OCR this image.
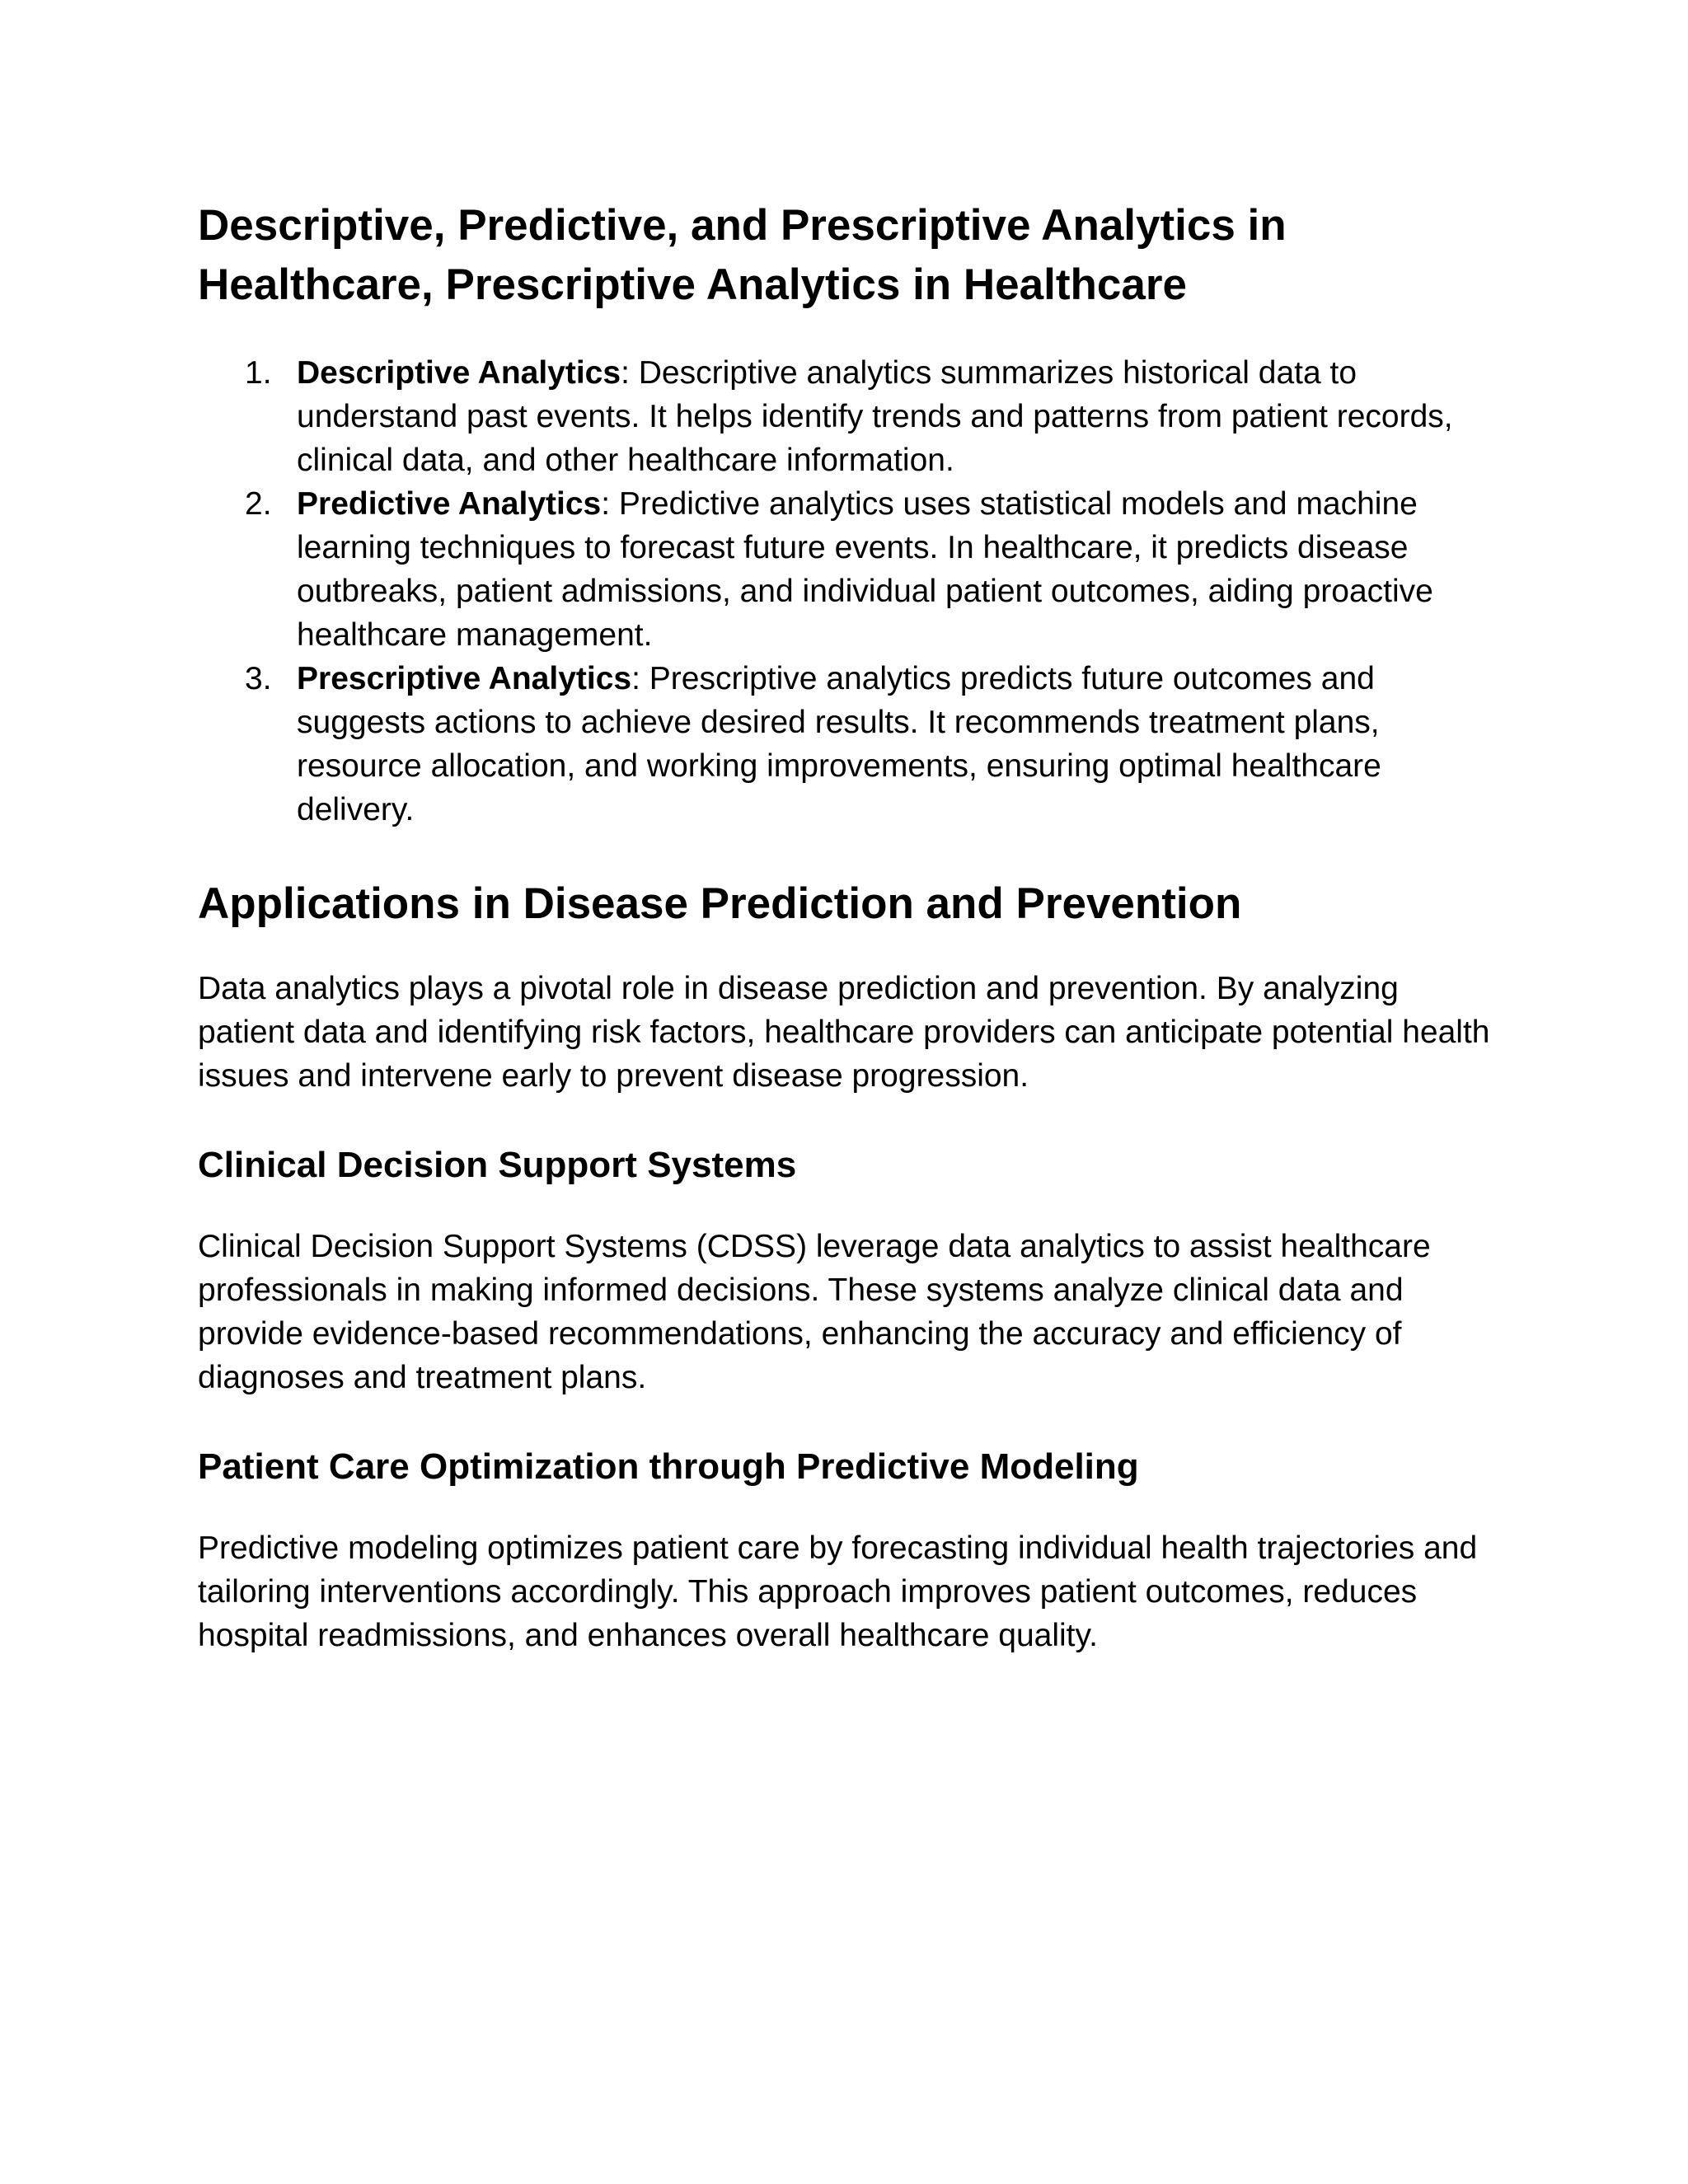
Descriptive, Predictive, and Prescriptive Analytics in Healthcare, Prescriptive Analytics in Healthcare
1. Descriptive Analytics: Descriptive analytics summarizes historical data to understand past events. It helps identify trends and patterns from patient records, clinical data, and other healthcare information.
2. Predictive Analytics: Predictive analytics uses statistical models and machine learning techniques to forecast future events. In healthcare, it predicts disease outbreaks, patient admissions, and individual patient outcomes, aiding proactive healthcare management.
3. Prescriptive Analytics: Prescriptive analytics predicts future outcomes and suggests actions to achieve desired results. It recommends treatment plans, resource allocation, and working improvements, ensuring optimal healthcare delivery.
Applications in Disease Prediction and Prevention

Data analytics plays a pivotal role in disease prediction and prevention. By analyzing patient data and identifying risk factors, healthcare providers can anticipate potential health issues and intervene early to prevent disease progression.

Clinical Decision Support Systems

Clinical Decision Support Systems (CDSS) leverage data analytics to assist healthcare professionals in making informed decisions. These systems analyze clinical data and provide evidence-based recommendations, enhancing the accuracy and efficiency of diagnoses and treatment plans.

Patient Care Optimization through Predictive Modeling

Predictive modeling optimizes patient care by forecasting individual health trajectories and tailoring interventions accordingly. This approach improves patient outcomes, reduces hospital readmissions, and enhances overall healthcare quality.
